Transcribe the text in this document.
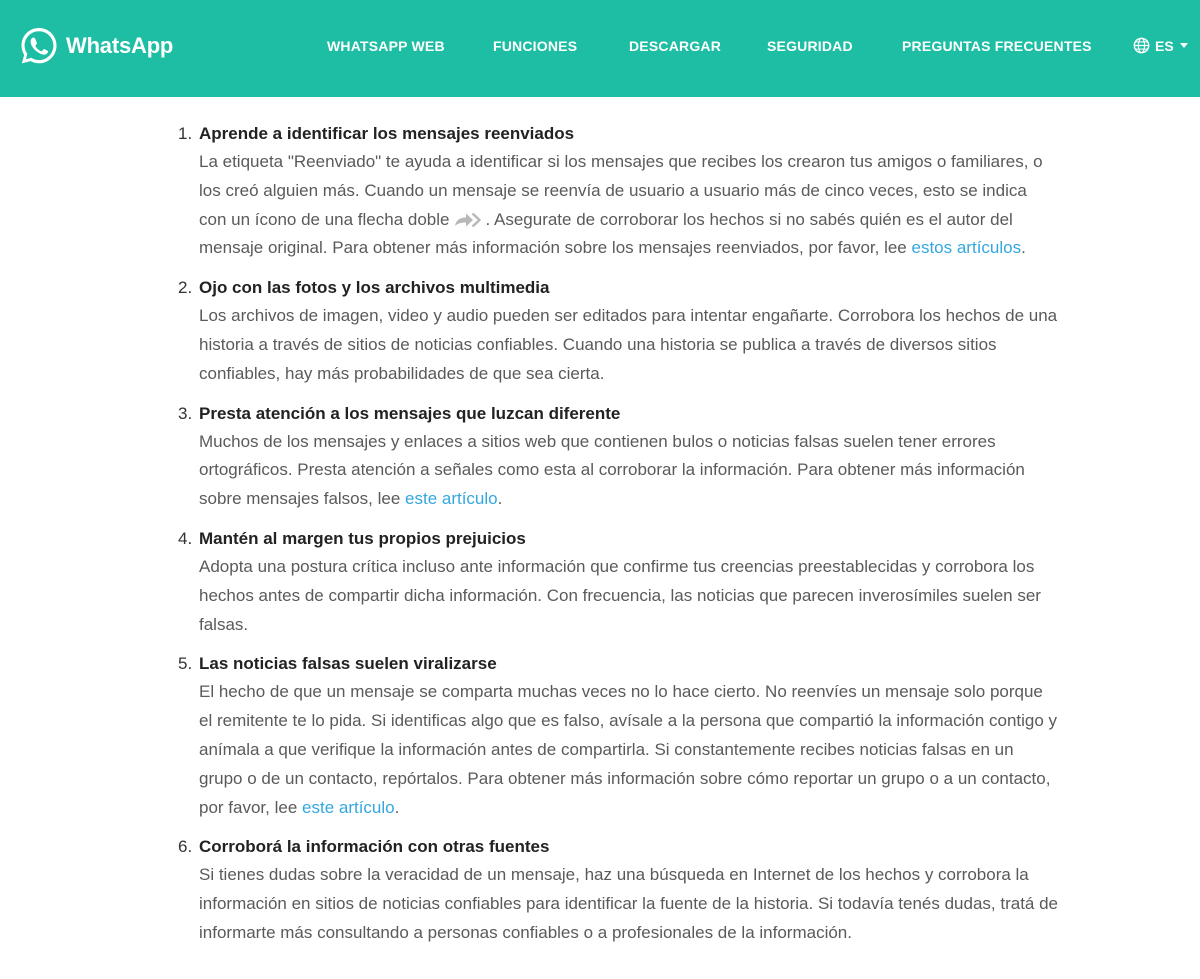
WhatsApp	WHATSAPP WEB	FUNCIONES	DESCARGAR	SEGURIDAD	PREGUNTAS FRECUENTES	ES
1. Aprende a identificar los mensajes reenviados
La etiqueta "Reenviado" te ayuda a identificar si los mensajes que recibes los crearon tus amigos o familiares, o los creó alguien más. Cuando un mensaje se reenvía de usuario a usuario más de cinco veces, esto se indica con un ícono de una flecha doble . Asegurate de corroborar los hechos si no sabés quién es el autor del mensaje original. Para obtener más información sobre los mensajes reenviados, por favor, lee estos artículos.
2. Ojo con las fotos y los archivos multimedia
Los archivos de imagen, video y audio pueden ser editados para intentar engañarte. Corrobora los hechos de una historia a través de sitios de noticias confiables. Cuando una historia se publica a través de diversos sitios confiables, hay más probabilidades de que sea cierta.
3. Presta atención a los mensajes que luzcan diferente
Muchos de los mensajes y enlaces a sitios web que contienen bulos o noticias falsas suelen tener errores ortográficos. Presta atención a señales como esta al corroborar la información. Para obtener más información sobre mensajes falsos, lee este artículo.
4. Mantén al margen tus propios prejuicios
Adopta una postura crítica incluso ante información que confirme tus creencias preestablecidas y corrobora los hechos antes de compartir dicha información. Con frecuencia, las noticias que parecen inverosímiles suelen ser falsas.
5. Las noticias falsas suelen viralizarse
El hecho de que un mensaje se comparta muchas veces no lo hace cierto. No reenvíes un mensaje solo porque el remitente te lo pida. Si identificas algo que es falso, avísale a la persona que compartió la información contigo y anímala a que verifique la información antes de compartirla. Si constantemente recibes noticias falsas en un grupo o de un contacto, repórtalos. Para obtener más información sobre cómo reportar un grupo o a un contacto, por favor, lee este artículo.
6. Corroborá la información con otras fuentes
Si tienes dudas sobre la veracidad de un mensaje, haz una búsqueda en Internet de los hechos y corrobora la información en sitios de noticias confiables para identificar la fuente de la historia. Si todavía tenés dudas, tratá de informarte más consultando a personas confiables o a profesionales de la información.
